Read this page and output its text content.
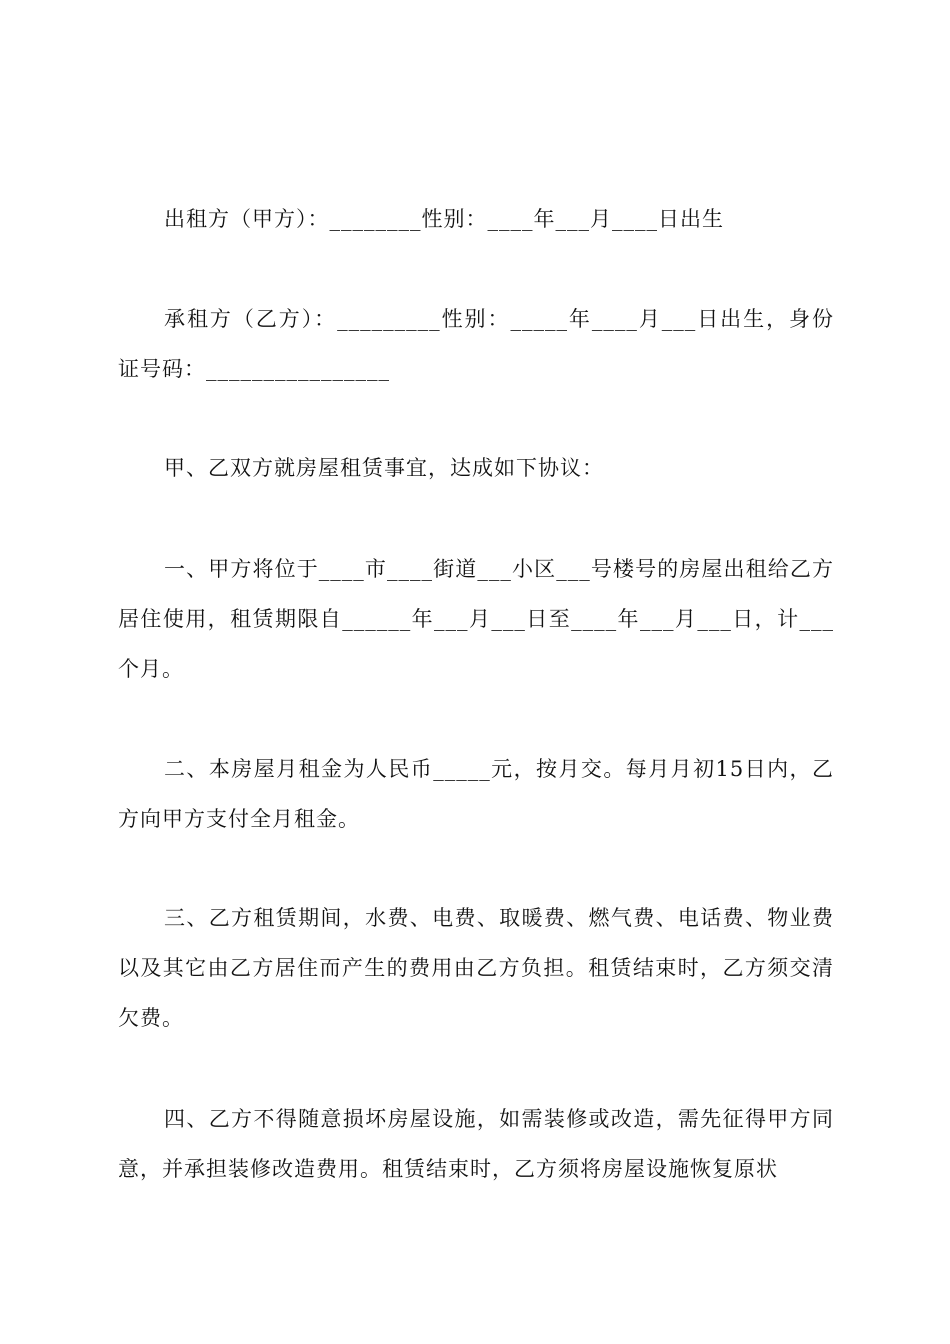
出租方（甲方）：________性别：____年___月____日出生

承租方（乙方）：_________性别：_____年____月___日出生，身份证号码：________________

甲、乙双方就房屋租赁事宜，达成如下协议：

一、甲方将位于____市____街道___小区___号楼号的房屋出租给乙方居住使用，租赁期限自______年___月___日至____年___月___日，计___个月。

二、本房屋月租金为人民币_____元，按月交。每月月初15日内，乙方向甲方支付全月租金。

三、乙方租赁期间，水费、电费、取暖费、燃气费、电话费、物业费以及其它由乙方居住而产生的费用由乙方负担。租赁结束时，乙方须交清欠费。

四、乙方不得随意损坏房屋设施，如需装修或改造，需先征得甲方同意，并承担装修改造费用。租赁结束时，乙方须将房屋设施恢复原状
